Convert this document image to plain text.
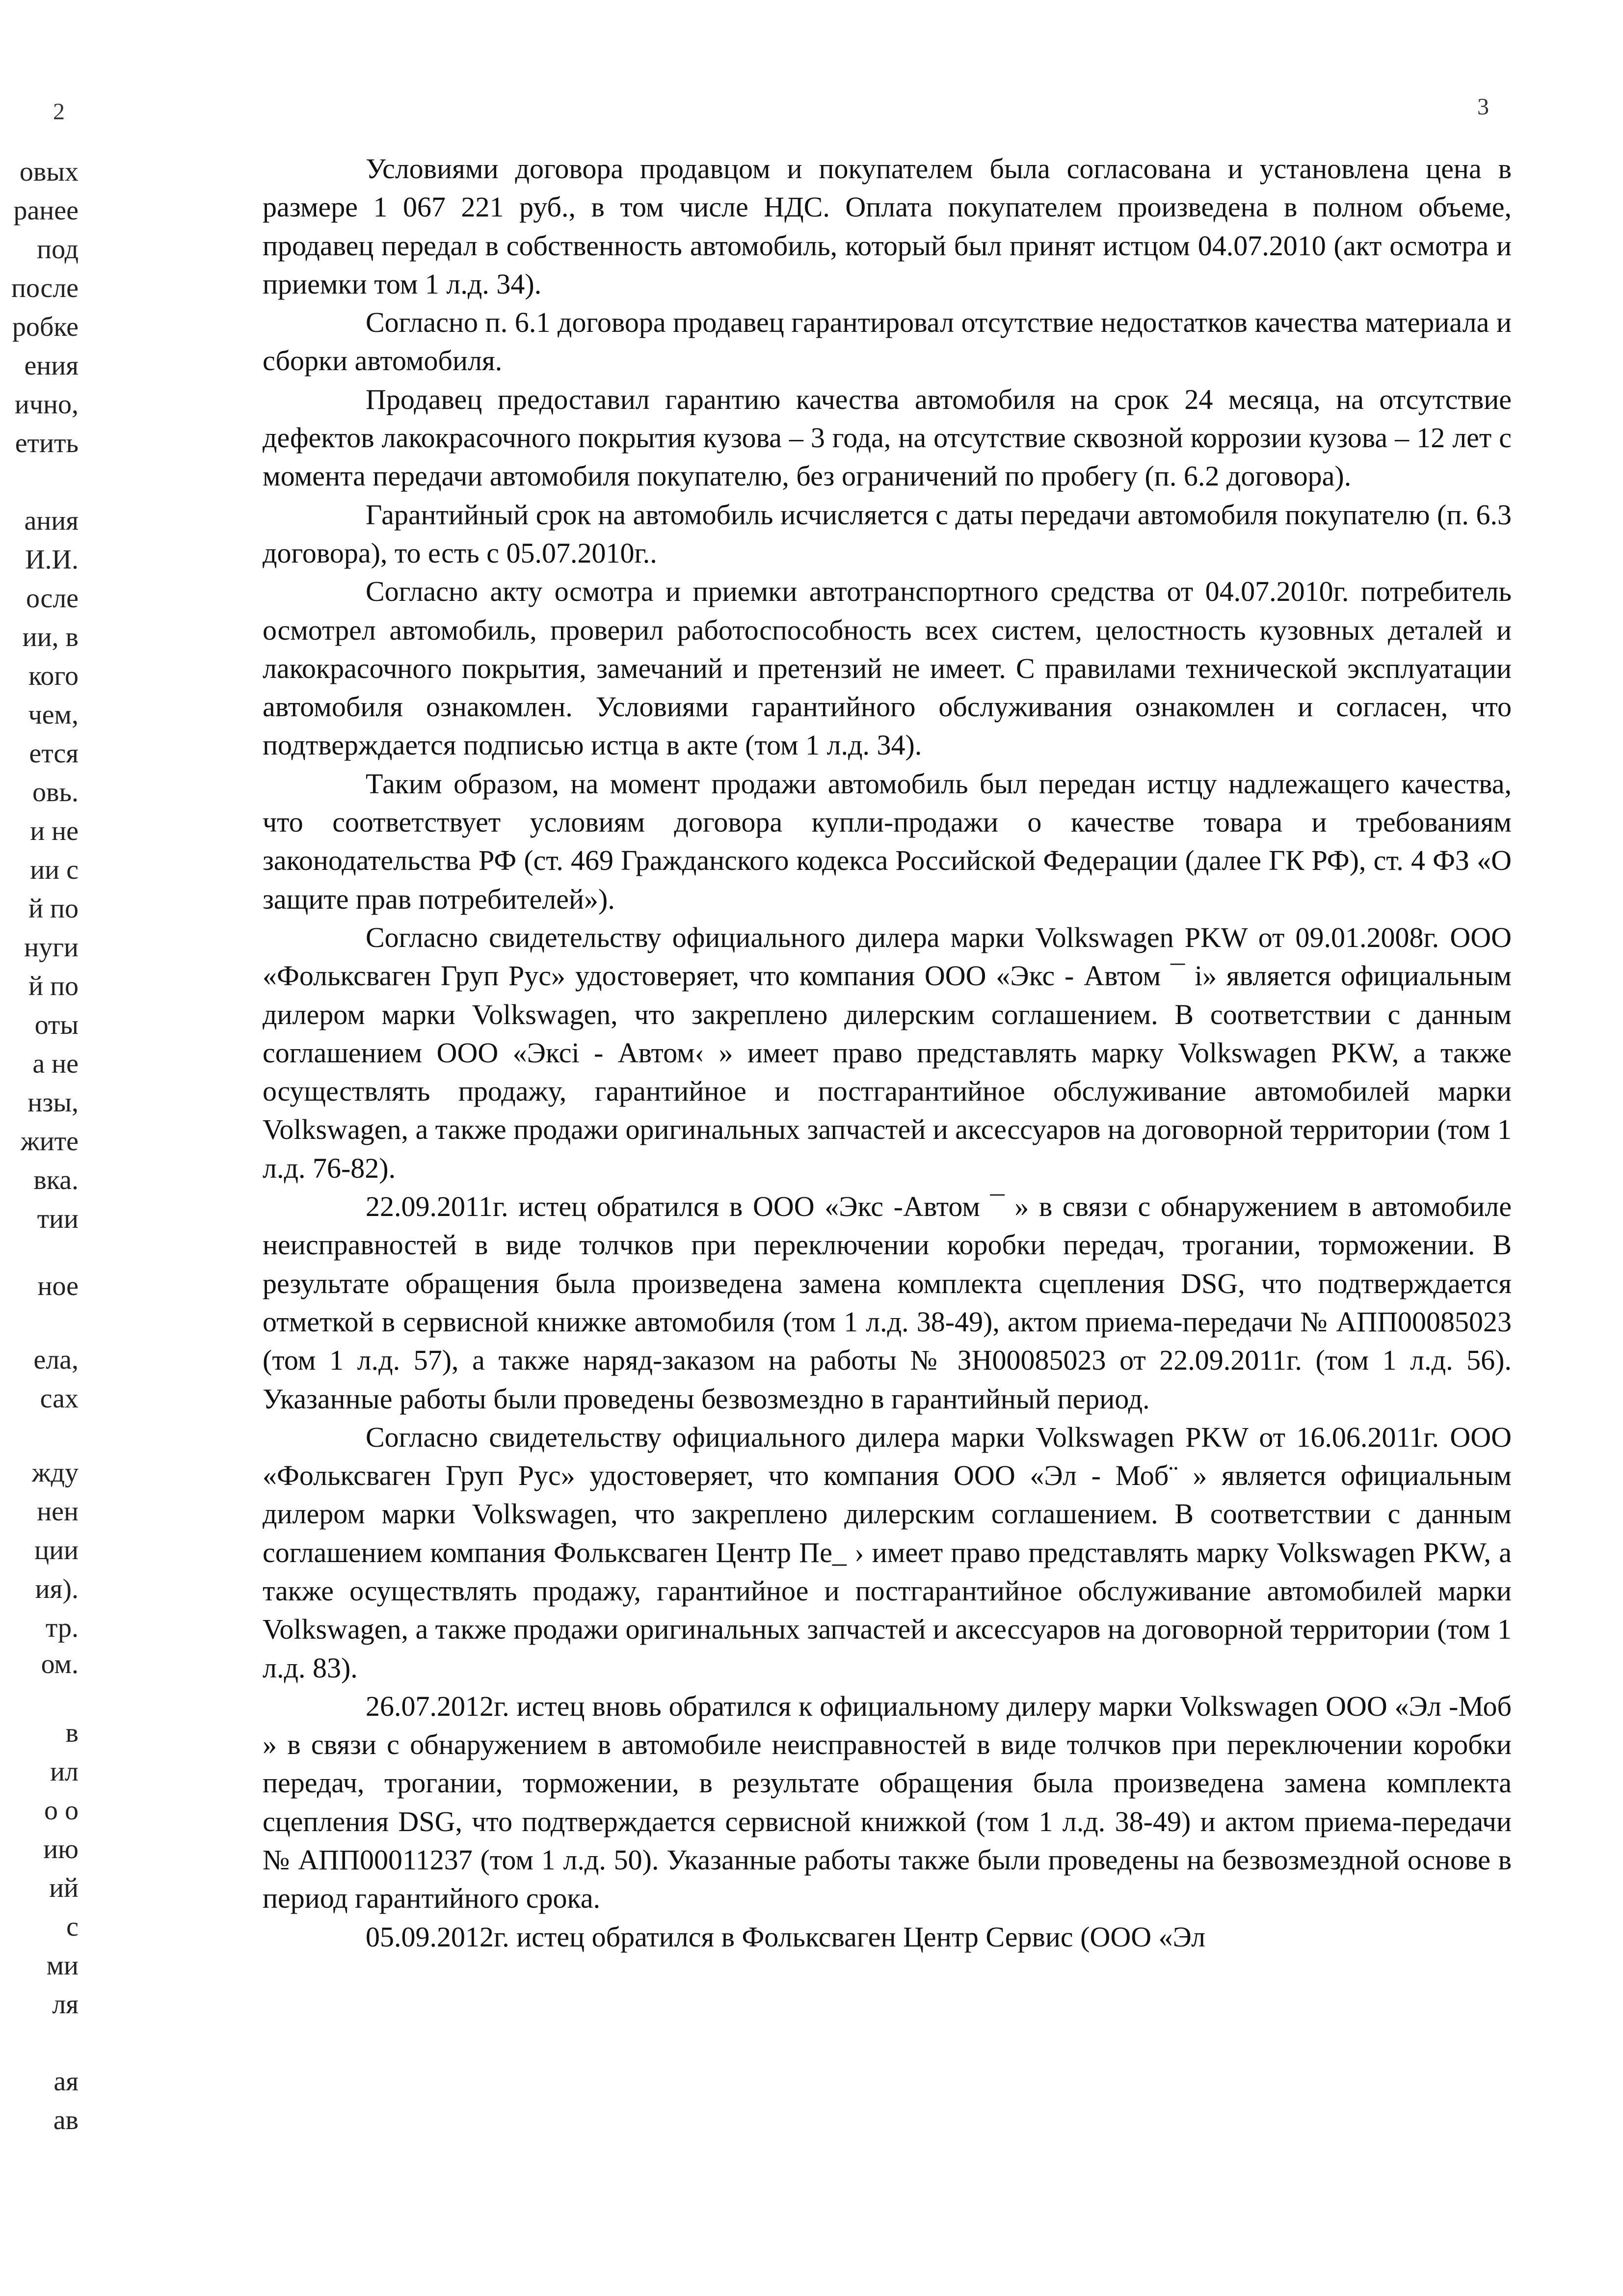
2	3
овых
ранее
под
после
робке
ения
ично,
етить
ания
И.И.
осле
ии, в
кого
чем,
ется
овь.
и не
ии с
й по
нуги
й по
оты
а не
нзы,
жите
вка.
тии
ное
ела,
сах
жду
нен
ции
ия).
тр.
ом.
в
ил
о о
ию
ий
с
ми
ля
ая
ав

Условиями договора продавцом и покупателем была согласована и установлена цена в размере 1 067 221 руб., в том числе НДС. Оплата покупателем произведена в полном объеме, продавец передал в собственность автомобиль, который был принят истцом 04.07.2010 (акт осмотра и приемки том 1 л.д. 34).

Согласно п. 6.1 договора продавец гарантировал отсутствие недостатков качества материала и сборки автомобиля.

Продавец предоставил гарантию качества автомобиля на срок 24 месяца, на отсутствие дефектов лакокрасочного покрытия кузова – 3 года, на отсутствие сквозной коррозии кузова – 12 лет с момента передачи автомобиля покупателю, без ограничений по пробегу (п. 6.2 договора).

Гарантийный срок на автомобиль исчисляется с даты передачи автомобиля покупателю (п. 6.3 договора), то есть с 05.07.2010г..

Согласно акту осмотра и приемки автотранспортного средства от 04.07.2010г. потребитель осмотрел автомобиль, проверил работоспособность всех систем, целостность кузовных деталей и лакокрасочного покрытия, замечаний и претензий не имеет. С правилами технической эксплуатации автомобиля ознакомлен. Условиями гарантийного обслуживания ознакомлен и согласен, что подтверждается подписью истца в акте (том 1 л.д. 34).

Таким образом, на момент продажи автомобиль был передан истцу надлежащего качества, что соответствует условиям договора купли-продажи о качестве товара и требованиям законодательства РФ (ст. 469 Гражданского кодекса Российской Федерации (далее ГК РФ), ст. 4 ФЗ «О защите прав потребителей»).

Согласно свидетельству официального дилера марки Volkswagen PKW от 09.01.2008г. ООО «Фольксваген Груп Рус» удостоверяет, что компания ООО «Экс - Автом ¯ і» является официальным дилером марки Volkswagen, что закреплено дилерским соглашением. В соответствии с данным соглашением ООО «Эксі - Автом‹ » имеет право представлять марку Volkswagen PKW, а также осуществлять продажу, гарантийное и постгарантийное обслуживание автомобилей марки Volkswagen, а также продажи оригинальных запчастей и аксессуаров на договорной территории (том 1 л.д. 76-82).

22.09.2011г. истец обратился в ООО «Экс -Автом ¯ » в связи с обнаружением в автомобиле неисправностей в виде толчков при переключении коробки передач, трогании, торможении. В результате обращения была произведена замена комплекта сцепления DSG, что подтверждается отметкой в сервисной книжке автомобиля (том 1 л.д. 38-49), актом приема-передачи № АПП00085023 (том 1 л.д. 57), а также наряд-заказом на работы № ЗН00085023 от 22.09.2011г. (том 1 л.д. 56). Указанные работы были проведены безвозмездно в гарантийный период.

Согласно свидетельству официального дилера марки Volkswagen PKW от 16.06.2011г. ООО «Фольксваген Груп Рус» удостоверяет, что компания ООО «Эл - Моб¨ » является официальным дилером марки Volkswagen, что закреплено дилерским соглашением. В соответствии с данным соглашением компания Фольксваген Центр Пе_ › имеет право представлять марку Volkswagen PKW, а также осуществлять продажу, гарантийное и постгарантийное обслуживание автомобилей марки Volkswagen, а также продажи оригинальных запчастей и аксессуаров на договорной территории (том 1 л.д. 83).

26.07.2012г. истец вновь обратился к официальному дилеру марки Volkswagen ООО «Эл -Моб » в связи с обнаружением в автомобиле неисправностей в виде толчков при переключении коробки передач, трогании, торможении, в результате обращения была произведена замена комплекта сцепления DSG, что подтверждается сервисной книжкой (том 1 л.д. 38-49) и актом приема-передачи № АПП00011237 (том 1 л.д. 50). Указанные работы также были проведены на безвозмездной основе в период гарантийного срока.

05.09.2012г. истец обратился в Фольксваген Центр Сервис (ООО «Эл
